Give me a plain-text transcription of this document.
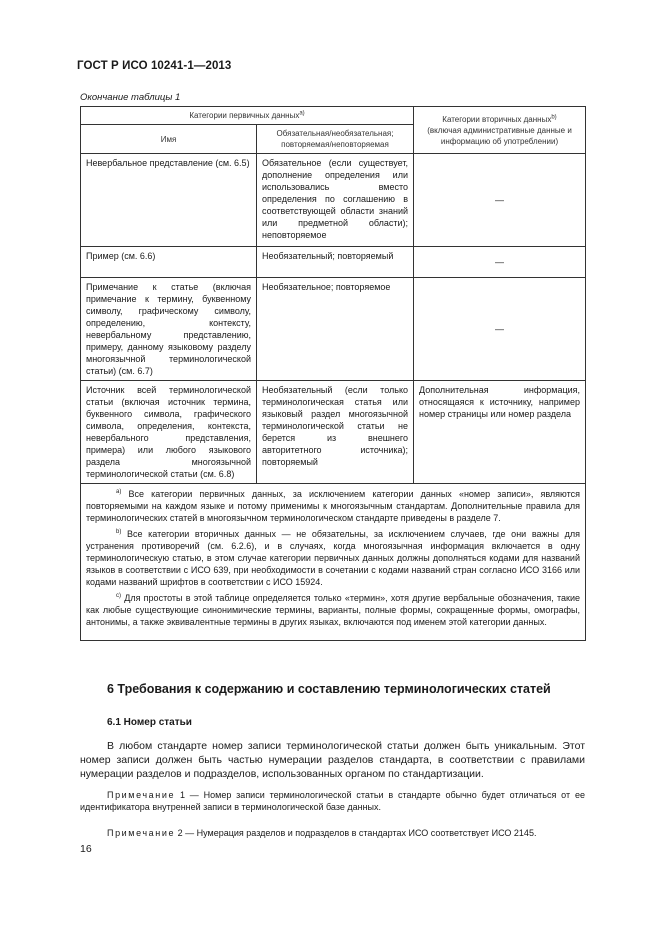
ГОСТ Р ИСО 10241-1—2013
Окончание таблицы 1
Категории первичных данных$^{a)}$		Категории вторичных данных$^{b)}$
(включая административные данные и информацию об употреблении)
Имя	Обязательная/необязательная; повторяемая/неповторяемая	
Невербальное представление (см. 6.5)	Обязательное (если существует, дополнение определения или использовались вместо определения по соглашению в соответствующей области знаний или предметной области); неповторяемое	—
Пример (см. 6.6)	Необязательный; повторяемый	—
Примечание к статье (включая примечание к термину, буквенному символу, графическому символу, определению, контексту, невербальному представлению, примеру, данному языковому разделу многоязычной терминологической статьи) (см. 6.7)	Необязательное; повторяемое	—
Источник всей терминологической статьи (включая источник термина, буквенного символа, графического символа, определения, контекста, невербального представления, примера) или любого языкового раздела многоязычной терминологической статьи (см. 6.8)	Необязательный (если только терминологическая статья или языковый раздел многоязычной терминологической статьи не берется из внешнего авторитетного источника); повторяемый	Дополнительная информация, относящаяся к источнику, например номер страницы или номер раздела

$^{a)}$ Все категории первичных данных, за исключением категории данных «номер записи», являются повторяемыми на каждом языке и потому применимы к многоязычным стандартам. Дополнительные правила для терминологических статей в многоязычном терминологическом стандарте приведены в разделе 7.

$^{b)}$ Все категории вторичных данных — не обязательны, за исключением случаев, где они важны для устранения противоречий (см. 6.2.6), и в случаях, когда многоязычная информация включается в одну терминологическую статью, в этом случае категории первичных данных должны дополняться кодами для названий языков в соответствии с ИСО 639, при необходимости в сочетании с кодами названий стран согласно ИСО 3166 или кодами названий шрифтов в соответствии с ИСО 15924.

$^{c)}$ Для простоты в этой таблице определяется только «термин», хотя другие вербальные обозначения, такие как любые существующие синонимические термины, варианты, полные формы, сокращенные формы, омографы, антонимы, а также эквивалентные термины в других языках, включаются под именем этой категории данных.		

6 Требования к содержанию и составлению терминологических статей
6.1 Номер статьи

В любом стандарте номер записи терминологической статьи должен быть уникальным. Этот номер записи должен быть частью нумерации разделов стандарта, в соответствии с правилами нумерации разделов и подразделов, использованных органом по стандартизации.

Примечание 1 — Номер записи терминологической статьи в стандарте обычно будет отличаться от ее идентификатора внутренней записи в терминологической базе данных.

Примечание 2 — Нумерация разделов и подразделов в стандартах ИСО соответствует ИСО 2145.

16
